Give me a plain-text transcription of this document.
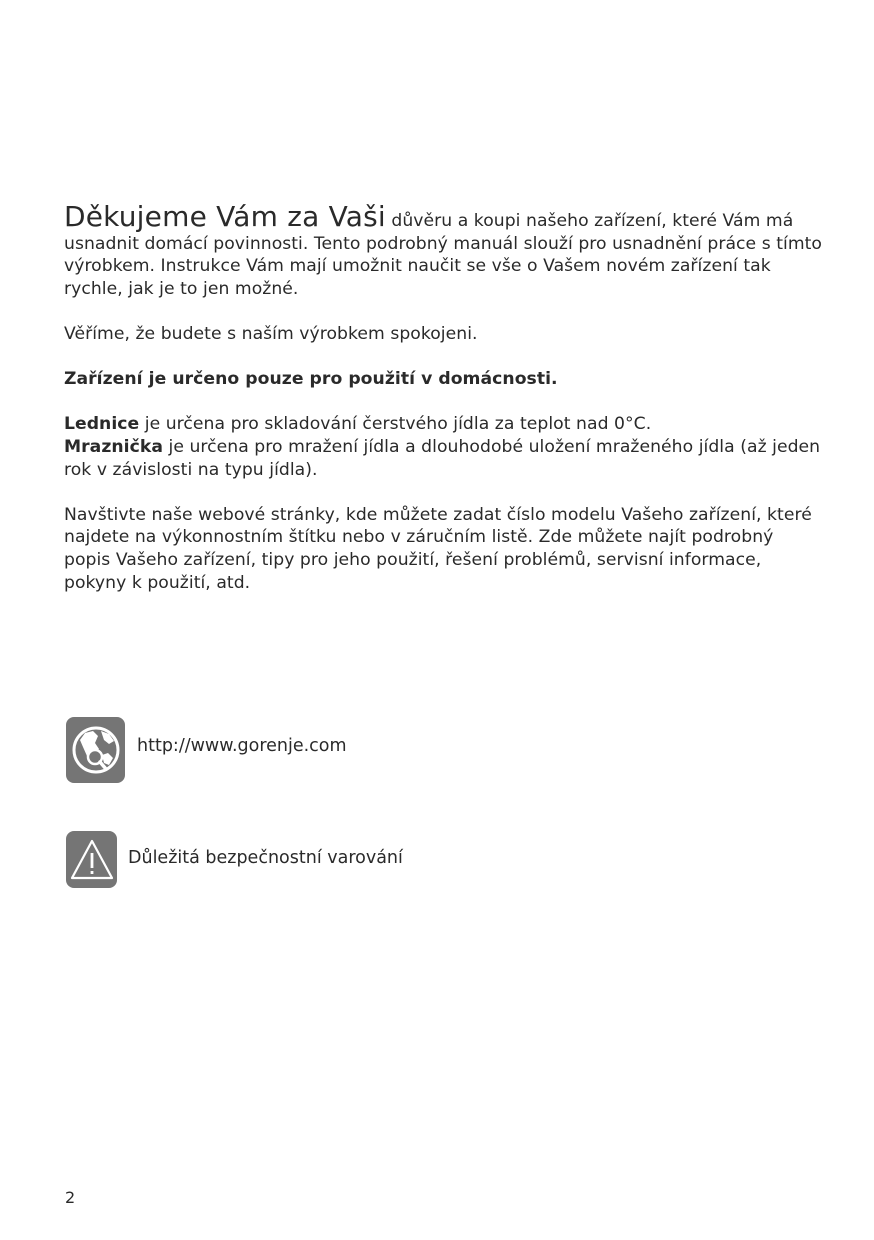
Děkujeme Vám za Vaši důvěru a koupi našeho zařízení, které Vám má usnadnit domácí povinnosti. Tento podrobný manuál slouží pro usnadnění práce s tímto výrobkem. Instrukce Vám mají umožnit naučit se vše o Vašem novém zařízení tak rychle, jak je to jen možné.

Věříme, že budete s naším výrobkem spokojeni.

Zařízení je určeno pouze pro použití v domácnosti.

Lednice je určena pro skladování čerstvého jídla za teplot nad 0°C.

Mraznička je určena pro mražení jídla a dlouhodobé uložení mraženého jídla (až jeden rok v závislosti na typu jídla).

Navštivte naše webové stránky, kde můžete zadat číslo modelu Vašeho zařízení, které najdete na výkonnostním štítku nebo v záručním listě. Zde můžete najít podrobný popis Vašeho zařízení, tipy pro jeho použití, řešení problémů, servisní informace, pokyny k použití, atd.

http://www.gorenje.com
Důležitá bezpečnostní varování
2
